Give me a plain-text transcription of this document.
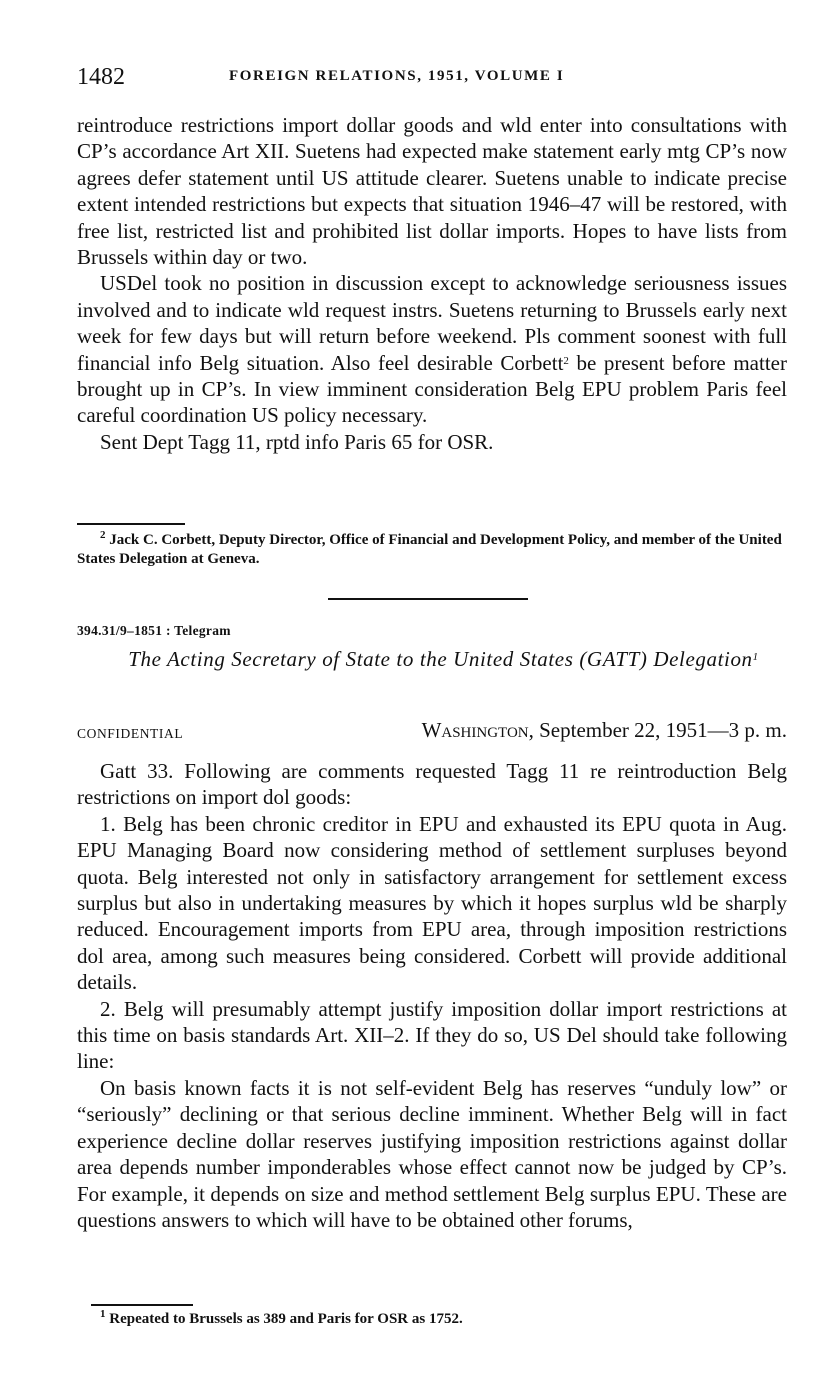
1482	FOREIGN RELATIONS, 1951, VOLUME I

reintroduce restrictions import dollar goods and wld enter into consultations with CP’s accordance Art XII. Suetens had expected make statement early mtg CP’s now agrees defer statement until US attitude clearer. Suetens unable to indicate precise extent intended restrictions but expects that situation 1946–47 will be restored, with free list, restricted list and prohibited list dollar imports. Hopes to have lists from Brussels within day or two.

USDel took no position in discussion except to acknowledge seriousness issues involved and to indicate wld request instrs. Suetens returning to Brussels early next week for few days but will return before weekend. Pls comment soonest with full financial info Belg situation. Also feel desirable Corbett$^2$ be present before matter brought up in CP’s. In view imminent consideration Belg EPU problem Paris feel careful coordination US policy necessary.

Sent Dept Tagg 11, rptd info Paris 65 for OSR.

$^2$ Jack C. Corbett, Deputy Director, Office of Financial and Development Policy, and member of the United States Delegation at Geneva.

394.31/9–1851 : Telegram
The Acting Secretary of State to the United States (GATT) Delegation$^1$
CONFIDENTIAL	Washington, September 22, 1951—3 p. m.

Gatt 33. Following are comments requested Tagg 11 re reintroduction Belg restrictions on import dol goods:

1. Belg has been chronic creditor in EPU and exhausted its EPU quota in Aug. EPU Managing Board now considering method of settlement surpluses beyond quota. Belg interested not only in satisfactory arrangement for settlement excess surplus but also in undertaking measures by which it hopes surplus wld be sharply reduced. Encouragement imports from EPU area, through imposition restrictions dol area, among such measures being considered. Corbett will provide additional details.

2. Belg will presumably attempt justify imposition dollar import restrictions at this time on basis standards Art. XII–2. If they do so, US Del should take following line:

On basis known facts it is not self-evident Belg has reserves “unduly low” or “seriously” declining or that serious decline imminent. Whether Belg will in fact experience decline dollar reserves justifying imposition restrictions against dollar area depends number imponderables whose effect cannot now be judged by CP’s. For example, it depends on size and method settlement Belg surplus EPU. These are questions answers to which will have to be obtained other forums,

$^1$ Repeated to Brussels as 389 and Paris for OSR as 1752.
